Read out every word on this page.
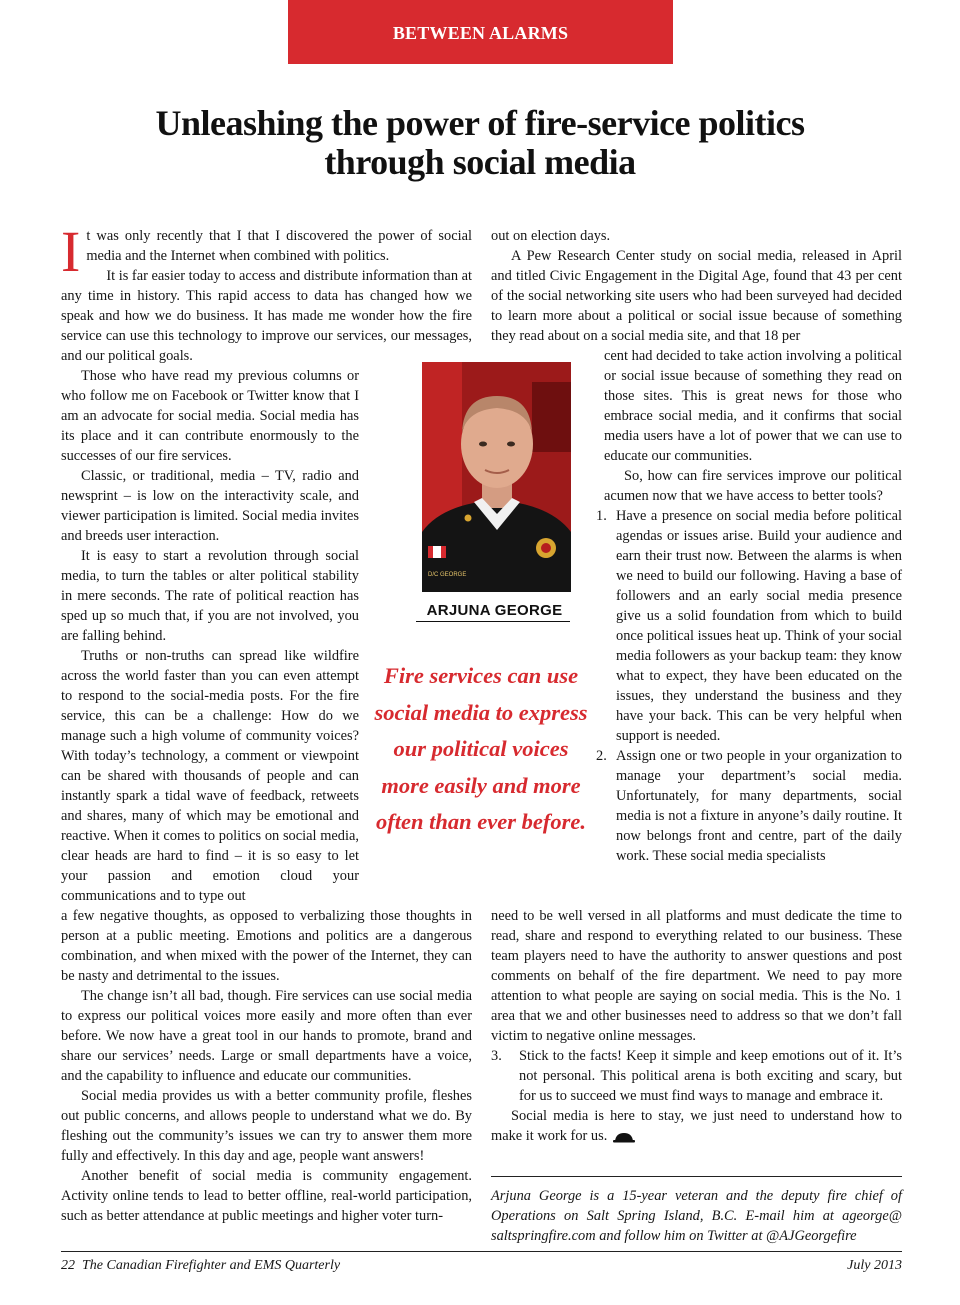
BETWEEN ALARMS
Unleashing the power of fire-service politics
through social media
I t was only recently that I that I discovered the power of social media and the Internet when combined with politics.

It is far easier today to access and distribute information than at any time in history. This rapid access to data has changed how we speak and how we do business. It has made me wonder how the fire service can use this technology to improve our services, our messages, and our political goals.

Those who have read my previous columns or who follow me on Facebook or Twitter know that I am an advocate for social media. Social media has its place and it can contribute enormously to the successes of our fire services.

Classic, or traditional, media – TV, radio and newsprint – is low on the interactivity scale, and viewer participation is limited. Social media invites and breeds user interaction.

It is easy to start a revolution through social media, to turn the tables or alter political stability in mere seconds. The rate of political reaction has sped up so much that, if you are not involved, you are falling behind.

Truths or non-truths can spread like wildfire across the world faster than you can even attempt to respond to the social-media posts. For the fire service, this can be a challenge: How do we manage such a high volume of community voices? With today’s technology, a comment or viewpoint can be shared with thousands of people and can instantly spark a tidal wave of feedback, retweets and shares, many of which may be emotional and reactive. When it comes to politics on social media, clear heads are hard to find – it is so easy to let your passion and emotion cloud your communications and to type out

a few negative thoughts, as opposed to verbalizing those thoughts in person at a public meeting. Emotions and politics are a dangerous combination, and when mixed with the power of the Internet, they can be nasty and detrimental to the issues.

The change isn’t all bad, though. Fire services can use social media to express our political voices more easily and more often than ever before. We now have a great tool in our hands to promote, brand and share our services’ needs. Large or small departments have a voice, and the capability to influence and educate our communities.

Social media provides us with a better community profile, fleshes out public concerns, and allows people to understand what we do. By fleshing out the community’s issues we can try to answer them more fully and effectively. In this day and age, people want answers!

Another benefit of social media is community engagement. Activity online tends to lead to better offline, real-world participation, such as better attendance at public meetings and higher voter turn-

out on election days.

A Pew Research Center study on social media, released in April and titled Civic Engagement in the Digital Age, found that 43 per cent of the social networking site users who had been surveyed had decided to learn more about a political or social issue because of something they read about on a social media site, and that 18 per

cent had decided to take action involving a political or social issue because of something they read on those sites. This is great news for those who embrace social media, and it confirms that social media users have a lot of power that we can use to educate our communities.

So, how can fire services improve our political acumen now that we have access to better tools?

1. Have a presence on social media before political agendas or issues arise. Build your audience and earn their trust now. Between the alarms is when we need to build our following. Having a base of followers and an early social media presence give us a solid foundation from which to build once political issues heat up. Think of your social media followers as your backup team: they know what to expect, they have been educated on the issues, they understand the business and they have your back. This can be very helpful when support is needed.
2. Assign one or two people in your organization to manage your department’s social media. Unfortunately, for many departments, social media is not a fixture in anyone’s daily routine. It now belongs front and centre, part of the daily work. These social media specialists

need to be well versed in all platforms and must dedicate the time to read, share and respond to everything related to our business. These team players need to have the authority to answer questions and post comments on behalf of the fire department. We need to pay more attention to what people are saying on social media. This is the No. 1 area that we and other businesses need to address so that we don’t fall victim to negative online messages.

3. Stick to the facts! Keep it simple and keep emotions out of it. It’s not personal. This political arena is both exciting and scary, but for us to succeed we must find ways to manage and embrace it.

Social media is here to stay, we just need to understand how to make it work for us.

D/C GEORGE
ARJUNA GEORGE
Fire services can use social media to express our political voices more easily and more often than ever before.
Arjuna George is a 15-year veteran and the deputy fire chief of Operations on Salt Spring Island, B.C. E-mail him at ageorge@ saltspringfire.com and follow him on Twitter at @AJGeorgefire
22 The Canadian Firefighter and EMS Quarterly	July 2013
